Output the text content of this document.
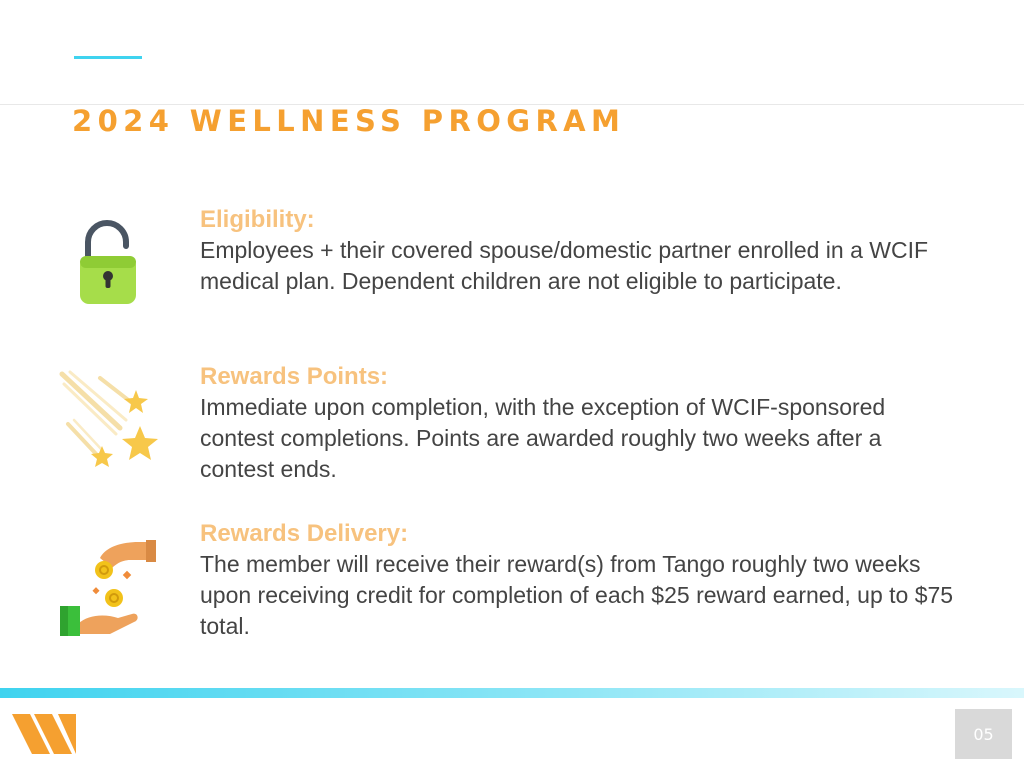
2024 WELLNESS PROGRAM
Eligibility:
Employees + their covered spouse/domestic partner enrolled in a WCIF medical plan. Dependent children are not eligible to participate.
Rewards Points:
Immediate upon completion, with the exception of WCIF-sponsored contest completions. Points are awarded roughly two weeks after a contest ends.
Rewards Delivery:
The member will receive their reward(s) from Tango roughly two weeks upon receiving credit for completion of each $25 reward earned, up to $75 total.
05
